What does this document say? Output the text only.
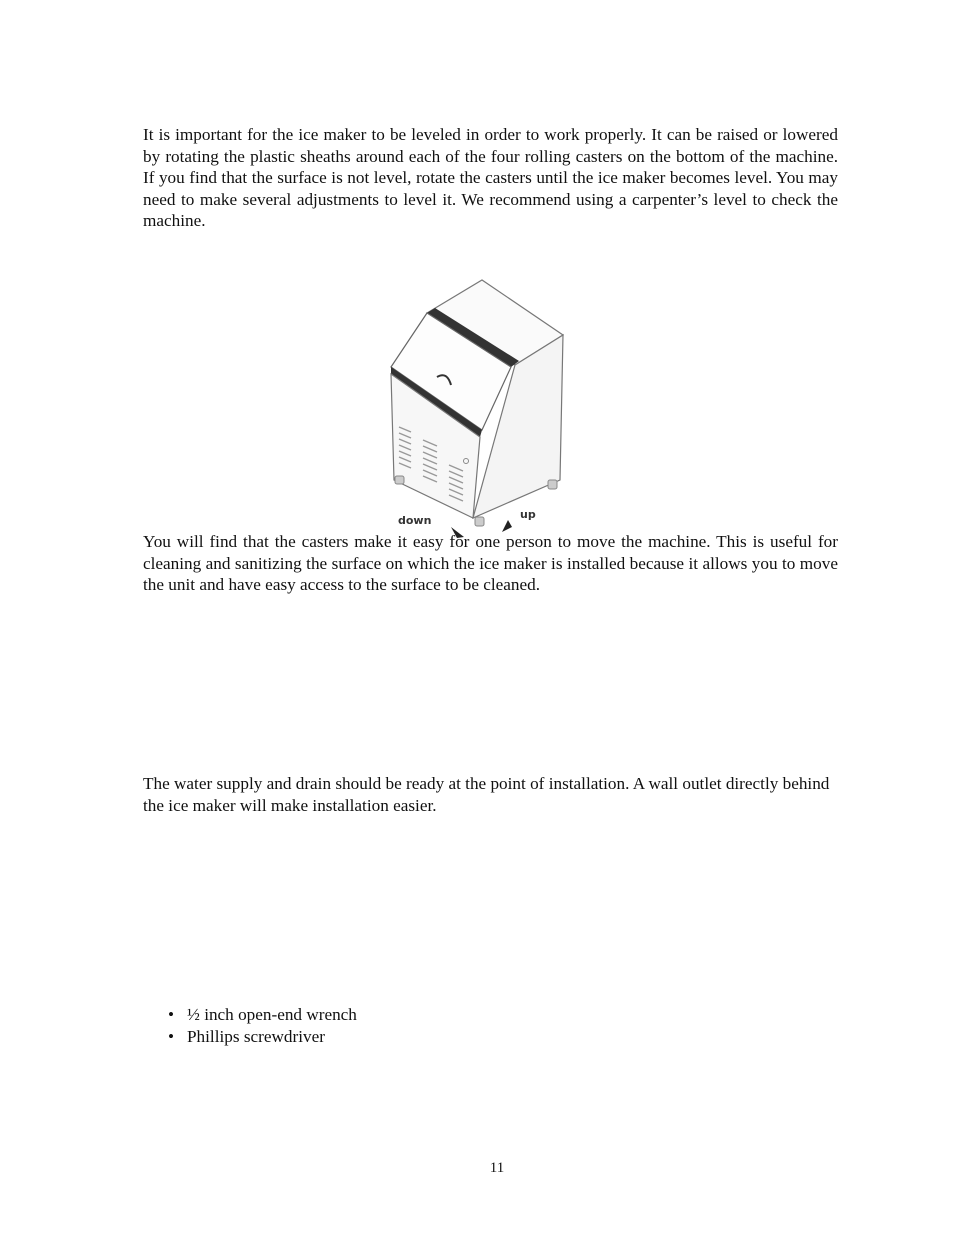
It is important for the ice maker to be leveled in order to work properly. It can be raised or lowered by rotating the plastic sheaths around each of the four rolling casters on the bottom of the machine. If you find that the surface is not level, rotate the casters until the ice maker becomes level. You may need to make several adjustments to level it. We recommend using a carpenter’s level to check the machine.

down	up

You will find that the casters make it easy for one person to move the machine. This is useful for cleaning and sanitizing the surface on which the ice maker is installed because it allows you to move the unit and have easy access to the surface to be cleaned.

The water supply and drain should be ready at the point of installation. A wall outlet directly behind the ice maker will make installation easier.

• ½ inch open-end wrench
• Phillips screwdriver
11
